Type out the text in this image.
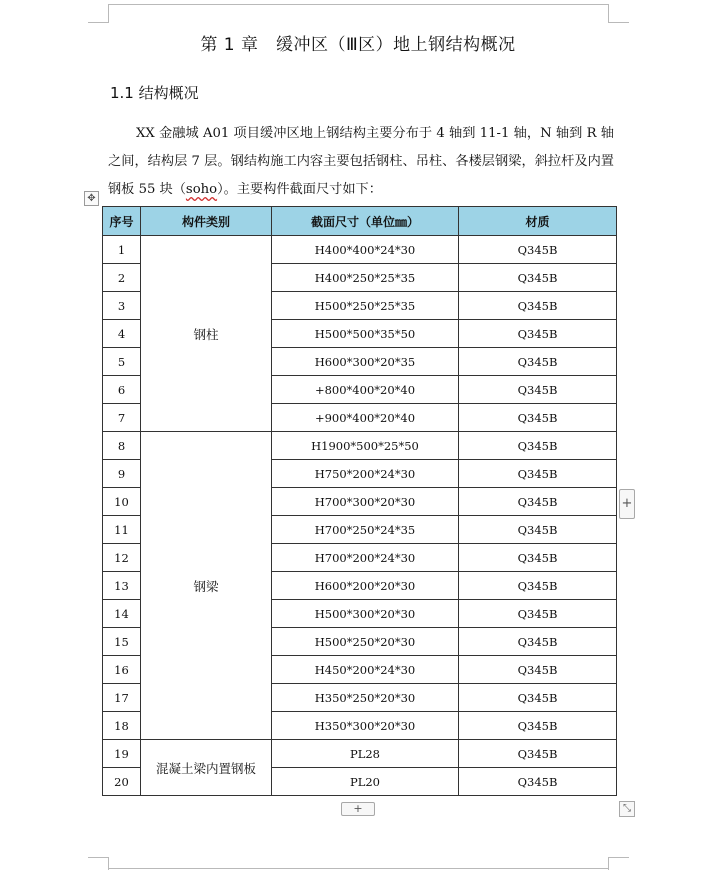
第 1 章　缓冲区（Ⅲ区）地上钢结构概况
1.1 结构概况
XX 金融城 A01 项目缓冲区地上钢结构主要分布于 4 轴到 11-1 轴，N 轴到 R 轴之间，结构层 7 层。钢结构施工内容主要包括钢柱、吊柱、各楼层钢梁，斜拉杆及内置钢板 55 块（soho）。主要构件截面尺寸如下：
✥
序号	构件类别	截面尺寸（单位㎜）	材质
1	钢柱	H400*400*24*30	Q345B
2		H400*250*25*35	Q345B
3		H500*250*25*35	Q345B
4		H500*500*35*50	Q345B
5		H600*300*20*35	Q345B
6		+800*400*20*40	Q345B
7		+900*400*20*40	Q345B
8	钢梁	H1900*500*25*50	Q345B
9		H750*200*24*30	Q345B
10		H700*300*20*30	Q345B
11		H700*250*24*35	Q345B
12		H700*200*24*30	Q345B
13		H600*200*20*30	Q345B
14		H500*300*20*30	Q345B
15		H500*250*20*30	Q345B
16		H450*200*24*30	Q345B
17		H350*250*20*30	Q345B
18		H350*300*20*30	Q345B
19	混凝土梁内置钢板	PL28	Q345B
20		PL20	Q345B
+
+	⤡
